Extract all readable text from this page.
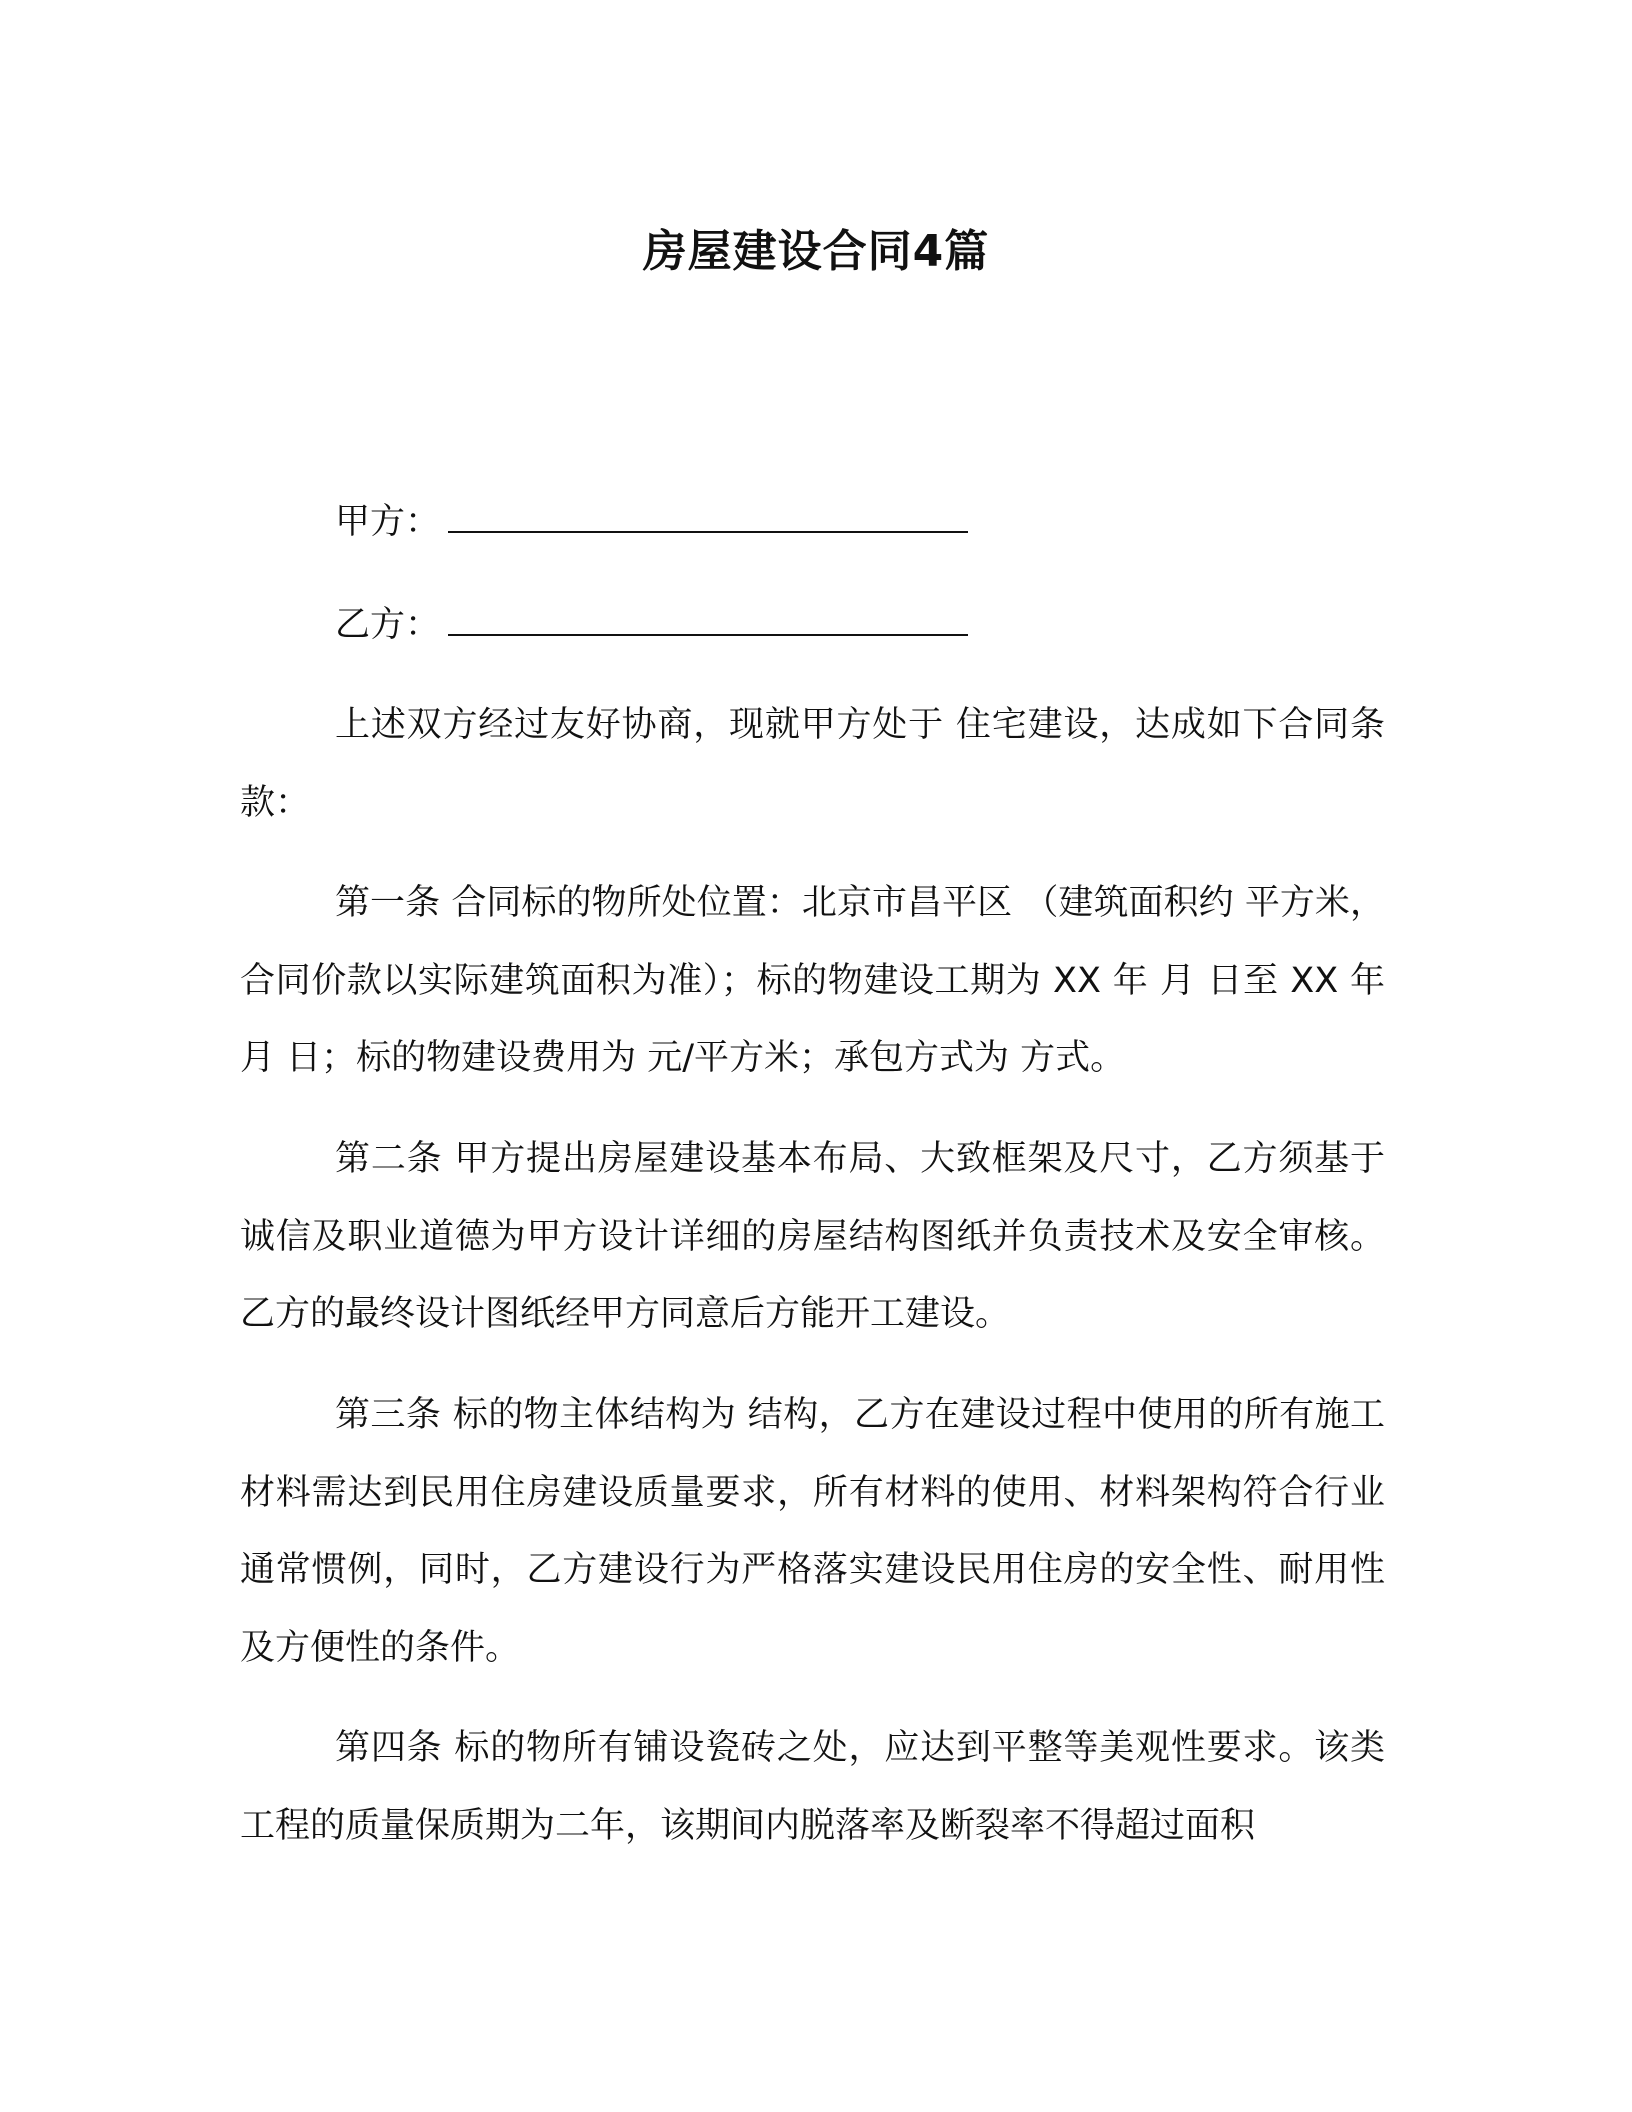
房屋建设合同4篇
甲方：
乙方：

上述双方经过友好协商，现就甲方处于 住宅建设，达成如下合同条款：

第一条 合同标的物所处位置：北京市昌平区 （建筑面积约 平方米，合同价款以实际建筑面积为准）；标的物建设工期为 XX 年 月 日至 XX 年 月 日；标的物建设费用为 元/平方米；承包方式为 方式。

第二条 甲方提出房屋建设基本布局、大致框架及尺寸，乙方须基于诚信及职业道德为甲方设计详细的房屋结构图纸并负责技术及安全审核。乙方的最终设计图纸经甲方同意后方能开工建设。

第三条 标的物主体结构为 结构，乙方在建设过程中使用的所有施工材料需达到民用住房建设质量要求，所有材料的使用、材料架构符合行业通常惯例，同时，乙方建设行为严格落实建设民用住房的安全性、耐用性及方便性的条件。

第四条 标的物所有铺设瓷砖之处，应达到平整等美观性要求。该类工程的质量保质期为二年，该期间内脱落率及断裂率不得超过面积
